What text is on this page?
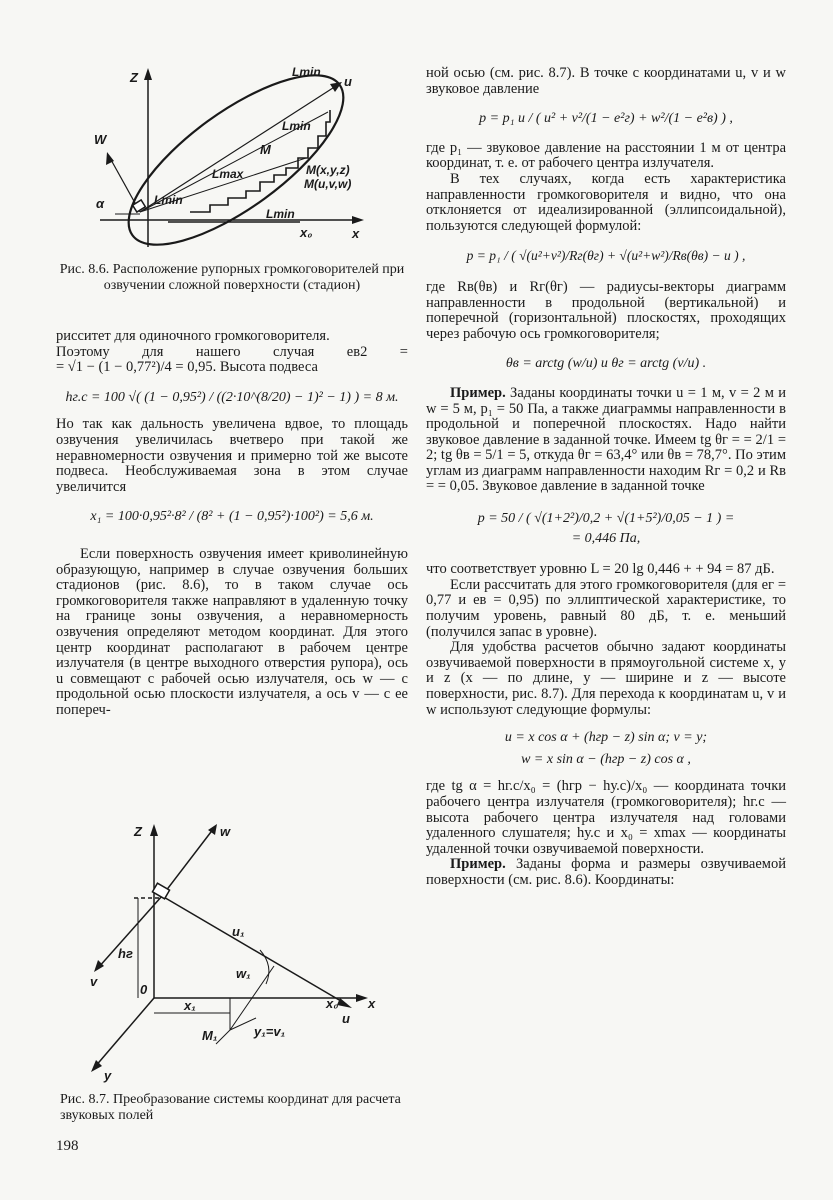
Z	u
W
x₀	x
α
Lmin
Lmin
Lmin
Lmin
Lmax
M
M(x,y,z)
M(u,v,w)
Рис. 8.6. Расположение рупорных громкоговорителей при озвучении сложной поверхности (стадион)

рисситет для одиночного громкоговорителя.

Поэтому для нашего случая eв2 =

= √1 − (1 − 0,77²)/4 = 0,95. Высота подвеса

hг.с = 100 √( (1 − 0,95²) / ((2·10^(8/20) − 1)² − 1) ) = 8 м.

Но так как дальность увеличена вдвое, то площадь озвучения увеличилась вчетверо при такой же неравномерности озвучения и примерно той же высоте подвеса. Необслуживаемая зона в этом случае увеличится

x₁ = 100·0,95²·8² / (8² + (1 − 0,95²)·100²) = 5,6 м.

Если поверхность озвучения имеет криволинейную образующую, например в случае озвучения больших стадионов (рис. 8.6), то в таком случае ось громкоговорителя также направляют в удаленную точку на границе зоны озвучения, а неравномерность озвучения определяют методом координат. Для этого центр координат располагают в рабочем центре излучателя (в центре выходного отверстия рупора), ось u совмещают с рабочей осью излучателя, ось w — с продольной осью плоскости излучателя, а ось v — с ее попереч-

Z	w
v
y
u
x
x₀
0
hг
u₁
w₁
x₁
M₁	y₁=v₁
Рис. 8.7. Преобразование системы координат для расчета звуковых полей
198

ной осью (см. рис. 8.7). В точке с координатами u, v и w звуковое давление

p = p₁ u / ( u² + v²/(1 − e²г) + w²/(1 − e²в) ) ,

где p₁ — звуковое давление на расстоянии 1 м от центра координат, т. е. от рабочего центра излучателя.

В тех случаях, когда есть характеристика направленности громкоговорителя и видно, что она отклоняется от идеализированной (эллипсоидальной), пользуются следующей формулой:

p = p₁ / ( √(u²+v²)/Rг(θг) + √(u²+w²)/Rв(θв) − u ) ,

где Rв(θв) и Rг(θг) — радиусы-векторы диаграмм направленности в продольной (вертикальной) и поперечной (горизонтальной) плоскостях, проходящих через рабочую ось громкоговорителя;

θв = arctg (w/u) и θг = arctg (v/u) .

Пример. Заданы координаты точки u = 1 м, v = 2 м и w = 5 м, p₁ = 50 Па, а также диаграммы направленности в продольной и поперечной плоскостях. Надо найти звуковое давление в заданной точке. Имеем tg θг = = 2/1 = 2; tg θв = 5/1 = 5, откуда θг = 63,4° или θв = 78,7°. По этим углам из диаграмм направленности находим Rг = 0,2 и Rв = = 0,05. Звуковое давление в заданной точке

p = 50 / ( √(1+2²)/0,2 + √(1+5²)/0,05 − 1 ) =

= 0,446 Па,

что соответствует уровню L = 20 lg 0,446 + + 94 = 87 дБ.

Если рассчитать для этого громкоговорителя (для eг = 0,77 и eв = 0,95) по эллиптической характеристике, то получим уровень, равный 80 дБ, т. е. меньший (получился запас в уровне).

Для удобства расчетов обычно задают координаты озвучиваемой поверхности в прямоугольной системе x, y и z (x — по длине, y — ширине и z — высоте поверхности, рис. 8.7). Для перехода к координатам u, v и w используют следующие формулы:

u = x cos α + (hгр − z) sin α; v = y;

w = x sin α − (hгр − z) cos α ,

где tg α = hг.с/x₀ = (hгр − hу.с)/x₀ — координата точки рабочего центра излучателя (громкоговорителя); hг.с — высота рабочего центра излучателя над головами удаленного слушателя; hу.с и x₀ = xmax — координаты удаленной точки озвучиваемой поверхности.

Пример. Заданы форма и размеры озвучиваемой поверхности (см. рис. 8.6). Координаты:
